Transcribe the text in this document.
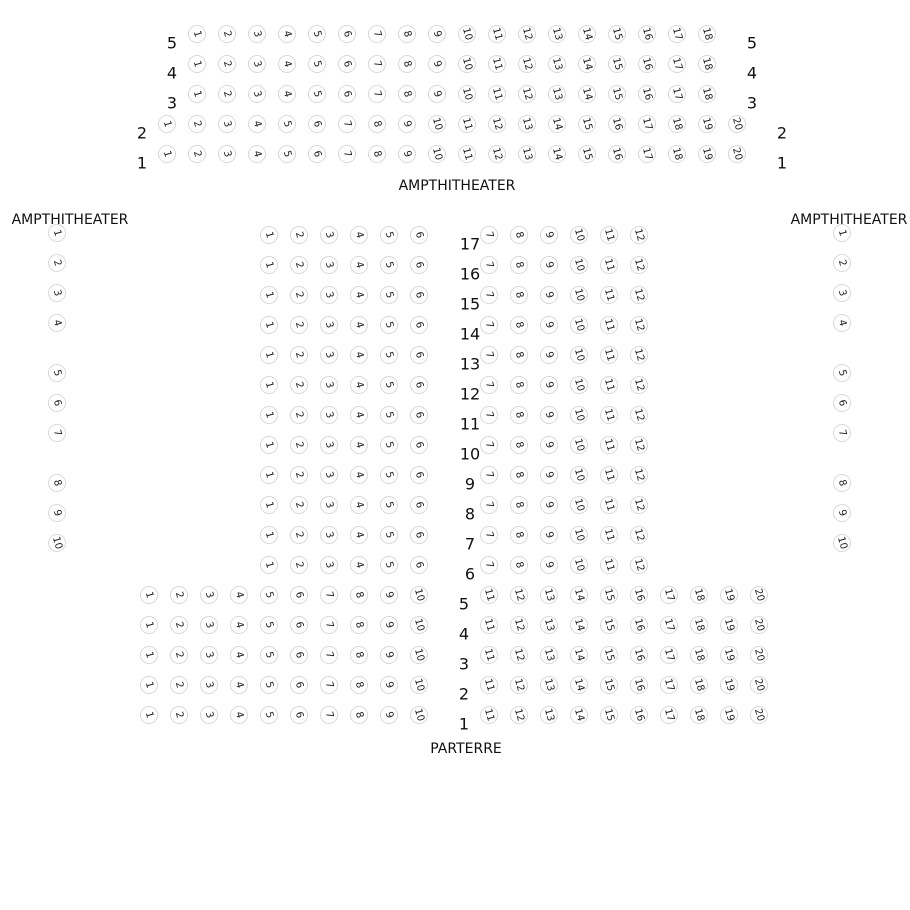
1 2 3 4 5 6 7 8 9 10 11 12 13 14 15 16 17 18
1 2 3 4 5 6 7 8 9 10 11 12 13 14 15 16 17 18
1 2 3 4 5 6 7 8 9 10 11 12 13 14 15 16 17 18
1 2 3 4 5 6 7 8 9 10 11 12 13 14 15 16 17 18 19 20
1 2 3 4 5 6 7 8 9 10 11 12 13 14 15 16 17 18 19 20
1
2
3
4
5
6
7
8
9
10
1
2
3
4
5
6
7
8
9
10
1 2 3 4 5 6	7 8 9 10 11 12
1 2 3 4 5 6	7 8 9 10 11 12
1 2 3 4 5 6	7 8 9 10 11 12
1 2 3 4 5 6	7 8 9 10 11 12
1 2 3 4 5 6	7 8 9 10 11 12
1 2 3 4 5 6	7 8 9 10 11 12
1 2 3 4 5 6	7 8 9 10 11 12
1 2 3 4 5 6	7 8 9 10 11 12
1 2 3 4 5 6	7 8 9 10 11 12
1 2 3 4 5 6	7 8 9 10 11 12
1 2 3 4 5 6	7 8 9 10 11 12
1 2 3 4 5 6	7 8 9 10 11 12
1 2 3 4 5 6 7 8 9 10	11 12 13 14 15 16 17 18 19 20
1 2 3 4 5 6 7 8 9 10	11 12 13 14 15 16 17 18 19 20
1 2 3 4 5 6 7 8 9 10	11 12 13 14 15 16 17 18 19 20
1 2 3 4 5 6 7 8 9 10	11 12 13 14 15 16 17 18 19 20
1 2 3 4 5 6 7 8 9 10	11 12 13 14 15 16 17 18 19 20
AMPTHITHEATER
AMPTHITHEATER	AMPTHITHEATER
PARTERRE
5	5
4	4
3	3
2	2
1	1
17
16
15
14
13
12
11
10
9
8
7
6
5
4
3
2
1
